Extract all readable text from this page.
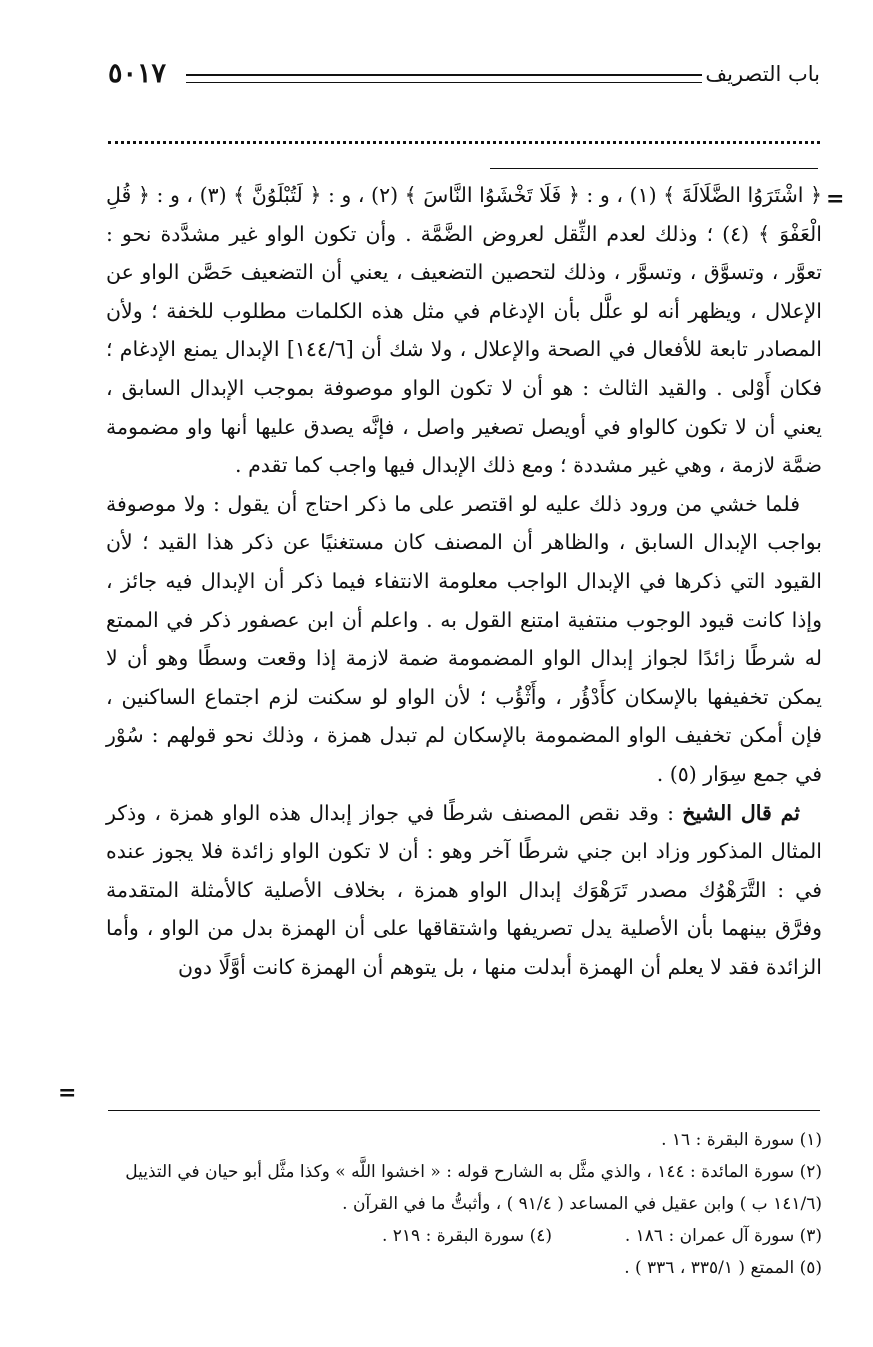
باب التصريف
٥٠١٧
=

﴿ اشْتَرَوُا الضَّلَالَةَ ﴾ (١) ، و : ﴿ فَلَا تَخْشَوُا النَّاسَ ﴾ (٢) ، و : ﴿ لَتُبْلَوُنَّ ﴾ (٣) ، و : ﴿ قُلِ الْعَفْوَ ﴾ (٤) ؛ وذلك لعدم الثِّقل لعروض الضَّمَّة . وأن تكون الواو غير مشدَّدة نحو : تعوَّر ، وتسوَّق ، وتسوَّر ، وذلك لتحصين التضعيف ، يعني أن التضعيف حَصَّن الواو عن الإعلال ، ويظهر أنه لو علَّل بأن الإدغام في مثل هذه الكلمات مطلوب للخفة ؛ ولأن المصادر تابعة للأفعال في الصحة والإعلال ، ولا شك أن [١٤٤/٦] الإبدال يمنع الإدغام ؛ فكان أَوْلى . والقيد الثالث : هو أن لا تكون الواو موصوفة بموجب الإبدال السابق ، يعني أن لا تكون كالواو في أويصل تصغير واصل ، فإنَّه يصدق عليها أنها واو مضمومة ضمَّة لازمة ، وهي غير مشددة ؛ ومع ذلك الإبدال فيها واجب كما تقدم .

فلما خشي من ورود ذلك عليه لو اقتصر على ما ذكر احتاج أن يقول : ولا موصوفة بواجب الإبدال السابق ، والظاهر أن المصنف كان مستغنيًا عن ذكر هذا القيد ؛ لأن القيود التي ذكرها في الإبدال الواجب معلومة الانتفاء فيما ذكر أن الإبدال فيه جائز ، وإذا كانت قيود الوجوب منتفية امتنع القول به . واعلم أن ابن عصفور ذكر في الممتع له شرطًا زائدًا لجواز إبدال الواو المضمومة ضمة لازمة إذا وقعت وسطًا وهو أن لا يمكن تخفيفها بالإسكان كأَدْؤُر ، وأَثْؤُب ؛ لأن الواو لو سكنت لزم اجتماع الساكنين ، فإن أمكن تخفيف الواو المضمومة بالإسكان لم تبدل همزة ، وذلك نحو قولهم : سُوْر في جمع سِوَار (٥) .

ثم قال الشيخ : وقد نقص المصنف شرطًا في جواز إبدال هذه الواو همزة ، وذكر المثال المذكور وزاد ابن جني شرطًا آخر وهو : أن لا تكون الواو زائدة فلا يجوز عنده في : التَّرَهْوُك مصدر تَرَهْوَك إبدال الواو همزة ، بخلاف الأصلية كالأمثلة المتقدمة وفرَّق بينهما بأن الأصلية يدل تصريفها واشتقاقها على أن الهمزة بدل من الواو ، وأما الزائدة فقد لا يعلم أن الهمزة أبدلت منها ، بل يتوهم أن الهمزة كانت أوَّلًا دون

=

(١) سورة البقرة : ١٦ .

(٢) سورة المائدة : ١٤٤ ، والذي مثَّل به الشارح قوله : « اخشوا اللَّه » وكذا مثَّل أبو حيان في التذييل

(١٤١/٦ ب ) وابن عقيل في المساعد ( ٩١/٤ ) ، وأثبتُّ ما في القرآن .

(٣) سورة آل عمران : ١٨٦ .

(٤) سورة البقرة : ٢١٩ .

(٥) الممتع ( ٣٣٥/١ ، ٣٣٦ ) .
